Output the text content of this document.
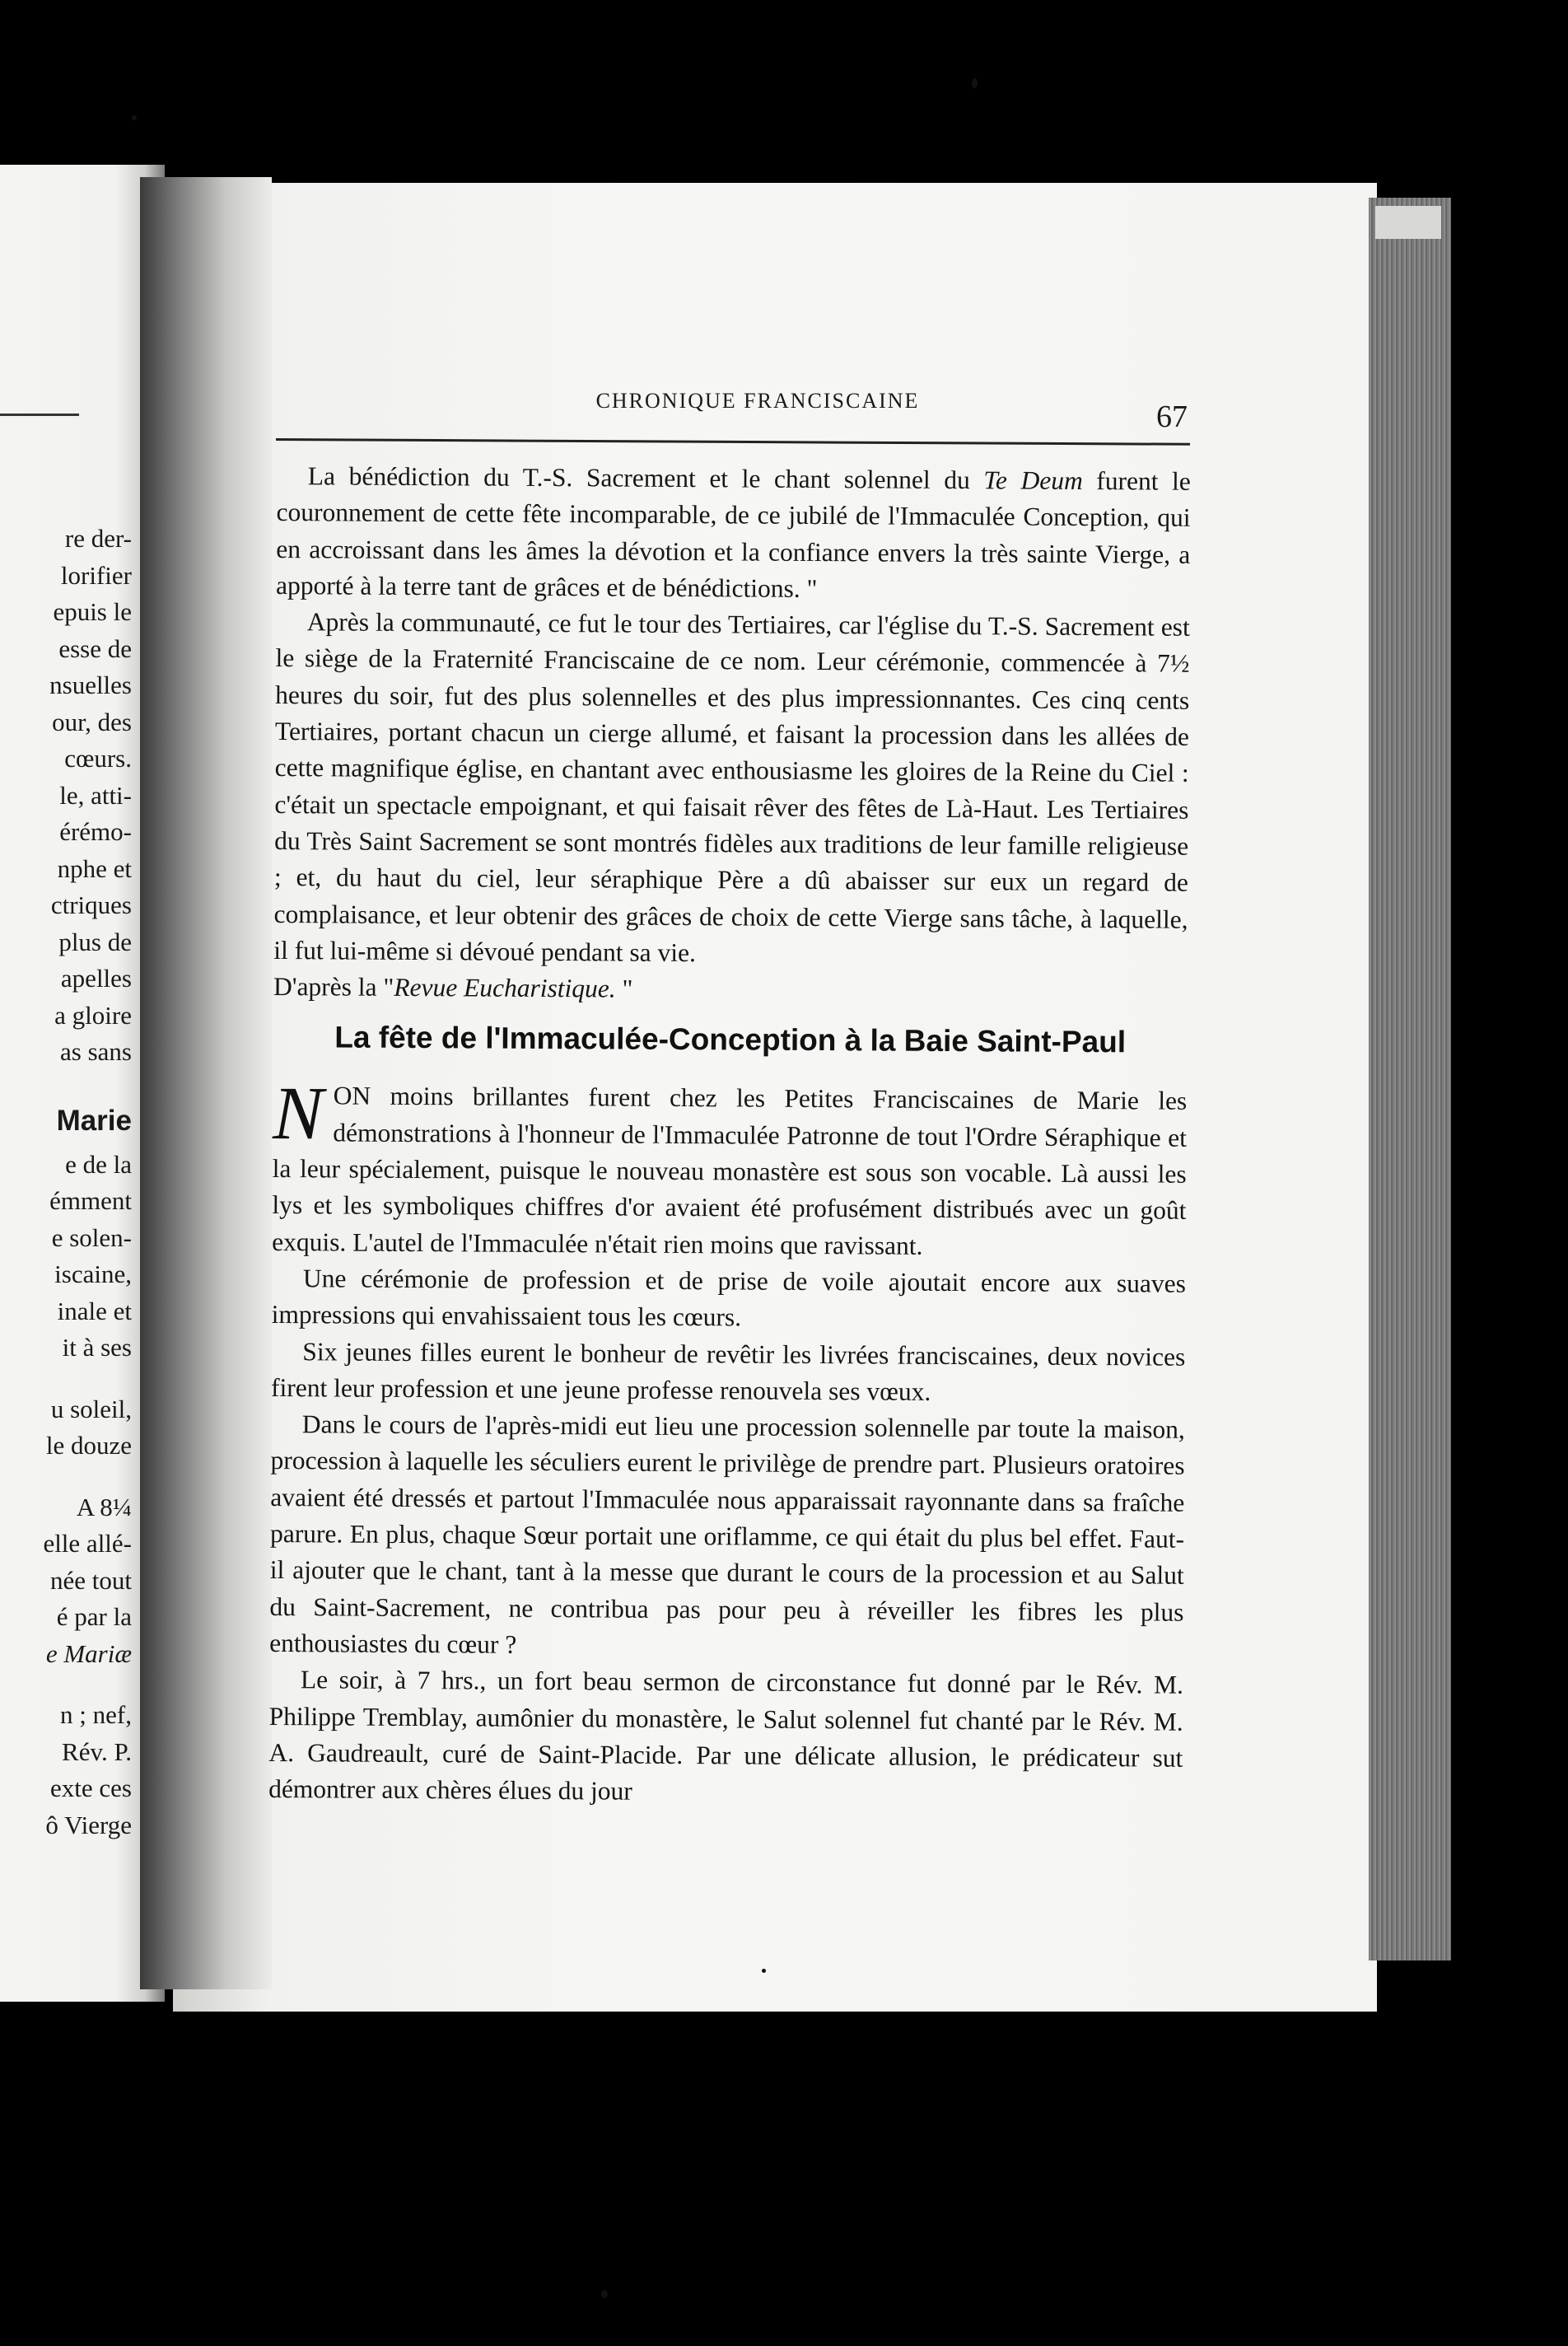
re der-
lorifier
epuis le
esse de
nsuelles
our, des
cœurs.
le, atti-
érémo-
nphe et
ctriques
plus de
apelles
a gloire
as sans
Marie
e de la
émment
e solen-
iscaine,
inale et
it à ses
u soleil,
le douze
A 8¼
elle allé-
née tout
é par la
e Mariæ
n ; nef,
Rév. P.
exte ces
ô Vierge
CHRONIQUE FRANCISCAINE	67

La bénédiction du T.-S. Sacrement et le chant solennel du Te Deum furent le couronnement de cette fête incomparable, de ce jubilé de l'Immaculée Conception, qui en accroissant dans les âmes la dévotion et la confiance envers la très sainte Vierge, a apporté à la terre tant de grâces et de bénédictions. "

Après la communauté, ce fut le tour des Tertiaires, car l'église du T.-S. Sacrement est le siège de la Fraternité Franciscaine de ce nom. Leur cérémonie, commencée à 7½ heures du soir, fut des plus solennelles et des plus impressionnantes. Ces cinq cents Tertiaires, portant chacun un cierge allumé, et faisant la procession dans les allées de cette magnifique église, en chantant avec enthousiasme les gloires de la Reine du Ciel : c'était un spectacle empoignant, et qui faisait rêver des fêtes de Là-Haut. Les Tertiaires du Très Saint Sacrement se sont montrés fidèles aux traditions de leur famille religieuse ; et, du haut du ciel, leur séraphique Père a dû abaisser sur eux un regard de complaisance, et leur obtenir des grâces de choix de cette Vierge sans tâche, à laquelle, il fut lui-même si dévoué pendant sa vie.

D'après la "Revue Eucharistique. "

La fête de l'Immaculée-Conception à la Baie Saint-Paul

NON moins brillantes furent chez les Petites Franciscaines de Marie les démonstrations à l'honneur de l'Immaculée Patronne de tout l'Ordre Séraphique et la leur spécialement, puisque le nouveau monastère est sous son vocable. Là aussi les lys et les symboliques chiffres d'or avaient été profusément distribués avec un goût exquis. L'autel de l'Immaculée n'était rien moins que ravissant.

Une cérémonie de profession et de prise de voile ajoutait encore aux suaves impressions qui envahissaient tous les cœurs.

Six jeunes filles eurent le bonheur de revêtir les livrées franciscaines, deux novices firent leur profession et une jeune professe renouvela ses vœux.

Dans le cours de l'après-midi eut lieu une procession solennelle par toute la maison, procession à laquelle les séculiers eurent le privilège de prendre part. Plusieurs oratoires avaient été dressés et partout l'Immaculée nous apparaissait rayonnante dans sa fraîche parure. En plus, chaque Sœur portait une oriflamme, ce qui était du plus bel effet. Faut-il ajouter que le chant, tant à la messe que durant le cours de la procession et au Salut du Saint-Sacrement, ne contribua pas pour peu à réveiller les fibres les plus enthousiastes du cœur ?

Le soir, à 7 hrs., un fort beau sermon de circonstance fut donné par le Rév. M. Philippe Tremblay, aumônier du monastère, le Salut solennel fut chanté par le Rév. M. A. Gaudreault, curé de Saint-Placide. Par une délicate allusion, le prédicateur sut démontrer aux chères élues du jour
